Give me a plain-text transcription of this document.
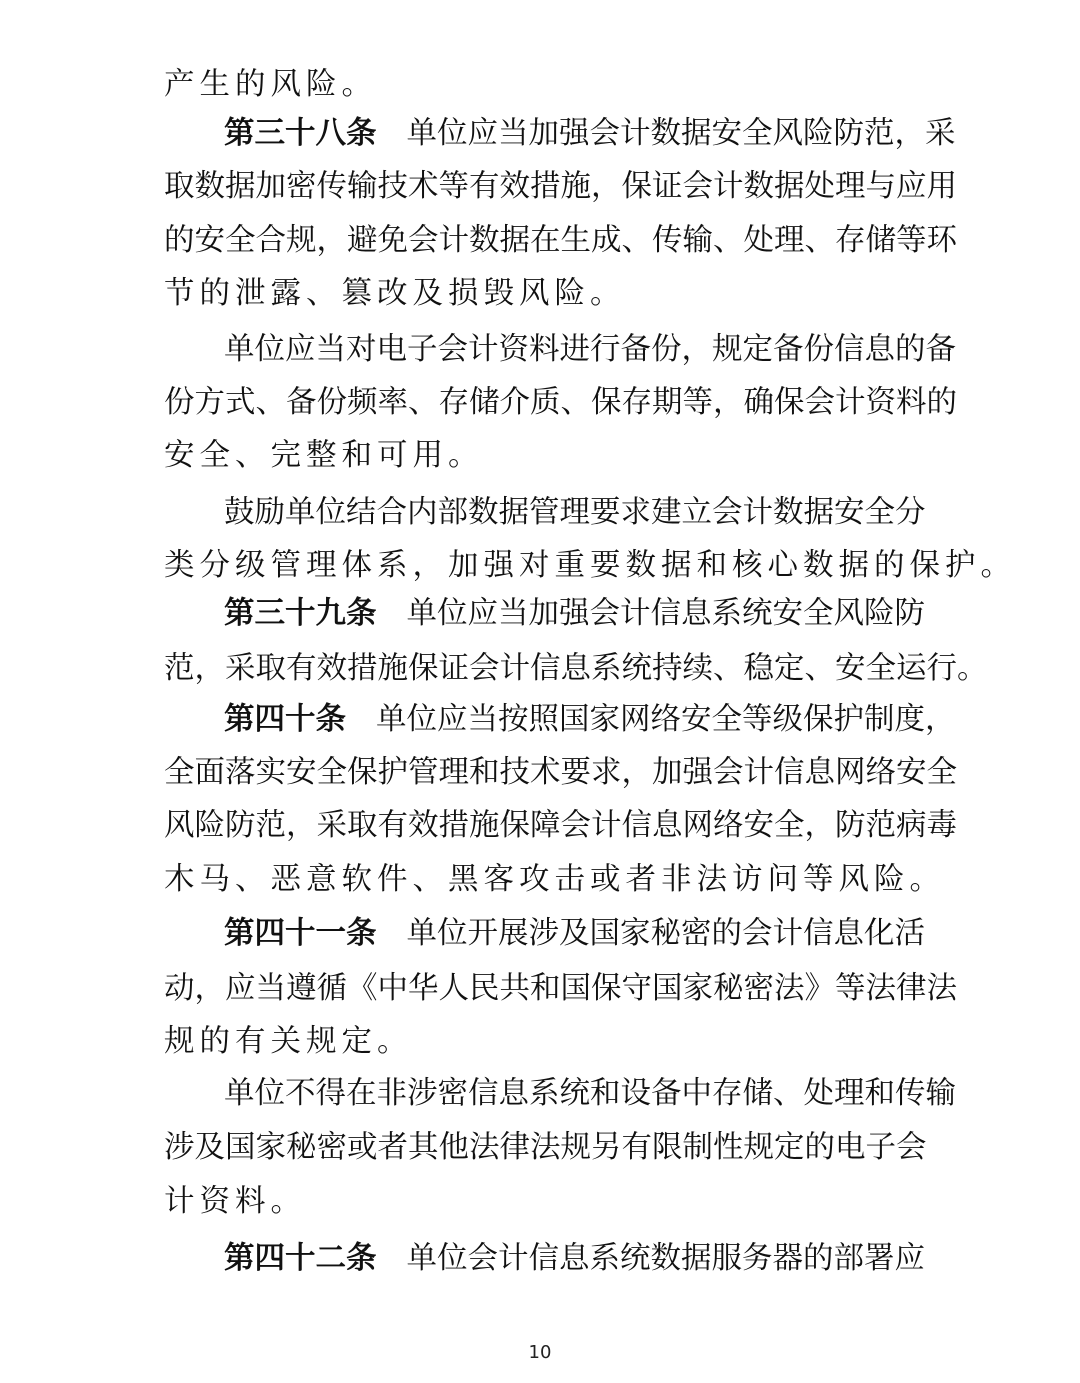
产生的风险。
第三十八条 单位应当加强会计数据安全风险防范，采
取数据加密传输技术等有效措施，保证会计数据处理与应用
的安全合规，避免会计数据在生成、传输、处理、存储等环
节的泄露、篡改及损毁风险。
单位应当对电子会计资料进行备份，规定备份信息的备
份方式、备份频率、存储介质、保存期等，确保会计资料的
安全、完整和可用。
鼓励单位结合内部数据管理要求建立会计数据安全分
类分级管理体系，加强对重要数据和核心数据的保护。
第三十九条 单位应当加强会计信息系统安全风险防
范，采取有效措施保证会计信息系统持续、稳定、安全运行。
第四十条 单位应当按照国家网络安全等级保护制度，
全面落实安全保护管理和技术要求，加强会计信息网络安全
风险防范，采取有效措施保障会计信息网络安全，防范病毒
木马、恶意软件、黑客攻击或者非法访问等风险。
第四十一条 单位开展涉及国家秘密的会计信息化活
动，应当遵循《中华人民共和国保守国家秘密法》等法律法
规的有关规定。
单位不得在非涉密信息系统和设备中存储、处理和传输
涉及国家秘密或者其他法律法规另有限制性规定的电子会
计资料。
第四十二条 单位会计信息系统数据服务器的部署应
10
